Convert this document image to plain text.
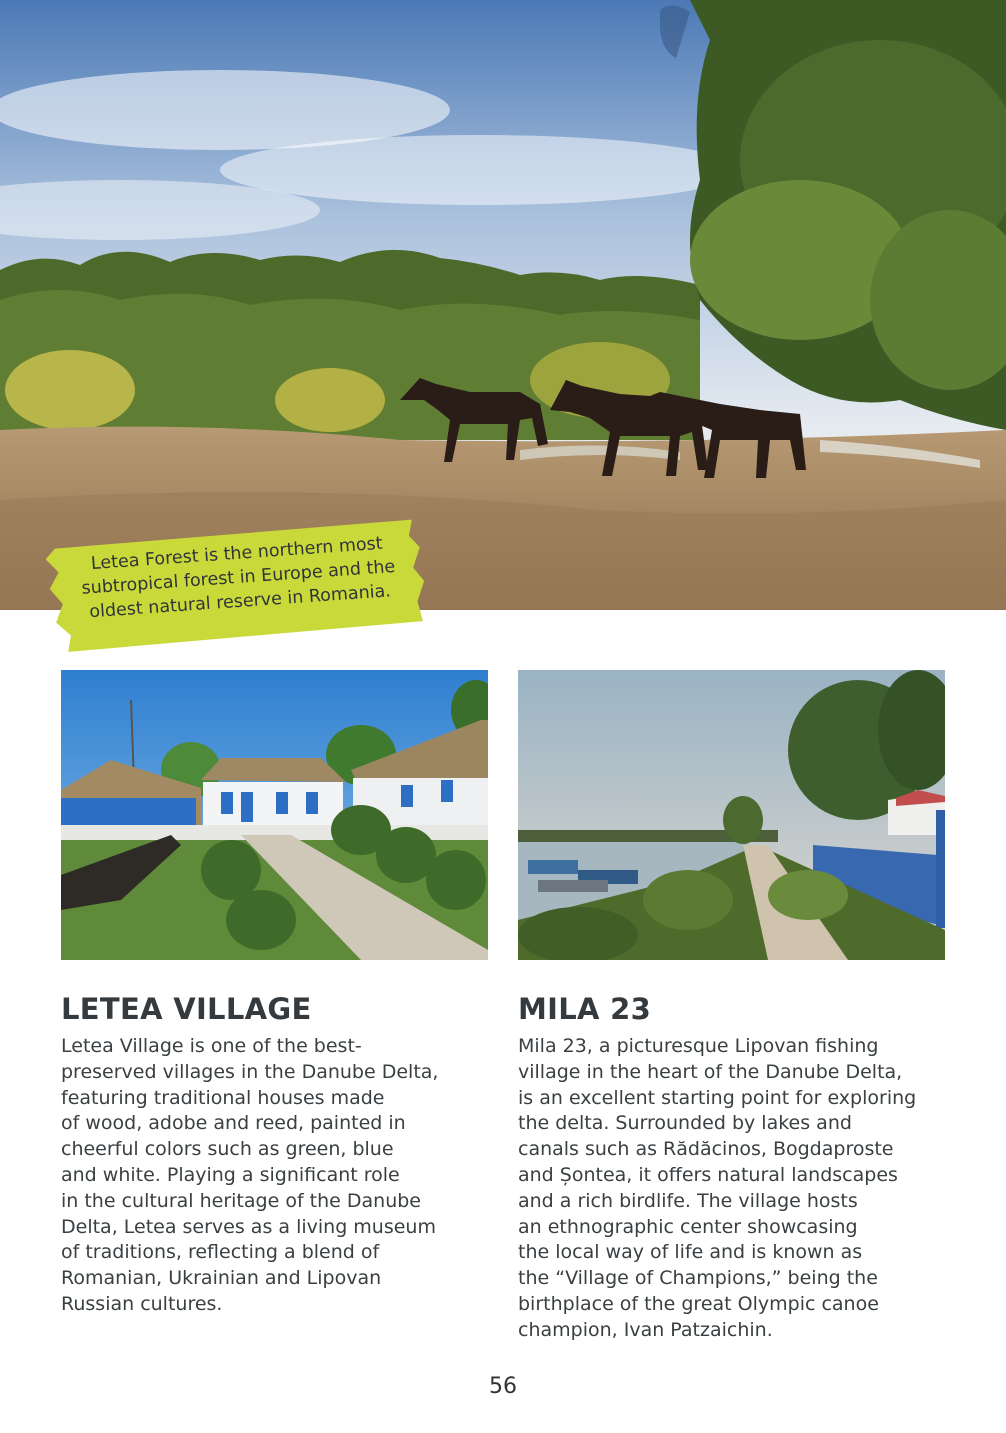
Letea Forest is the northern most subtropical forest in Europe and the oldest natural reserve in Romania.
LETEA VILLAGE

Letea Village is one of the best-
preserved villages in the Danube Delta,
featuring traditional houses made
of wood, adobe and reed, painted in
cheerful colors such as green, blue
and white. Playing a significant role
in the cultural heritage of the Danube
Delta, Letea serves as a living museum
of traditions, reflecting a blend of
Romanian, Ukrainian and Lipovan
Russian cultures.

MILA 23

Mila 23, a picturesque Lipovan fishing
village in the heart of the Danube Delta,
is an excellent starting point for exploring
the delta. Surrounded by lakes and
canals such as Rădăcinos, Bogdaproste
and Șontea, it offers natural landscapes
and a rich birdlife. The village hosts
an ethnographic center showcasing
the local way of life and is known as
the “Village of Champions,” being the
birthplace of the great Olympic canoe
champion, Ivan Patzaichin.

56
